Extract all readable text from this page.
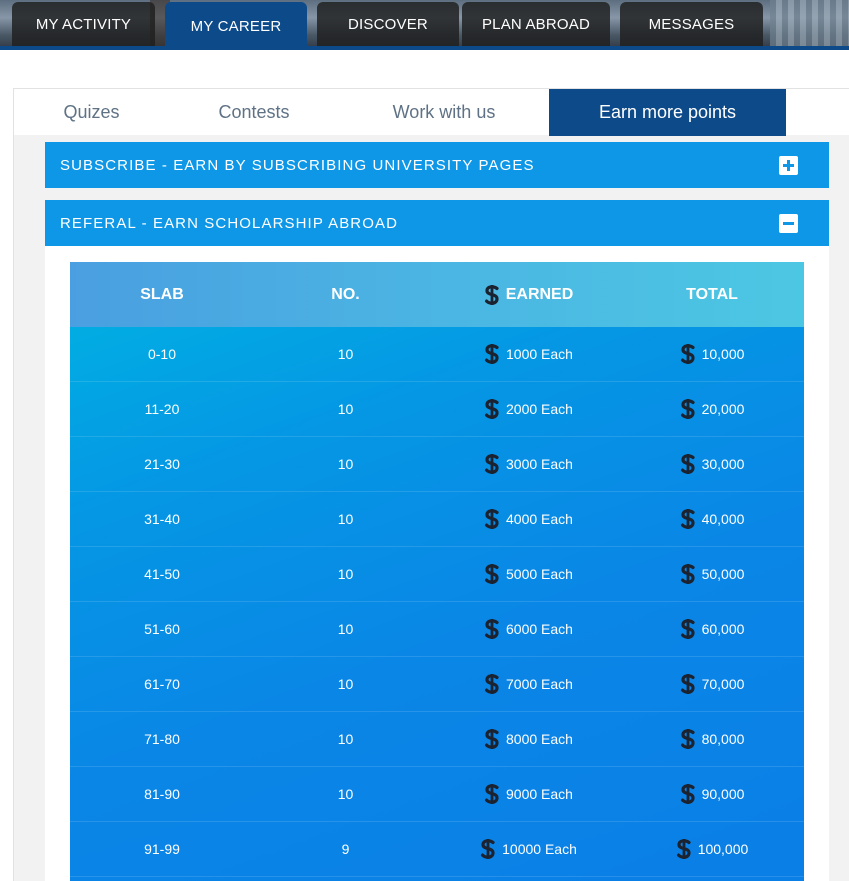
MY ACTIVITY	MY CAREER	DISCOVER	PLAN ABROAD	MESSAGES
Quizes	Contests	Work with us	Earn more points
SUBSCRIBE - EARN BY SUBSCRIBING UNIVERSITY PAGES
REFERAL - EARN SCHOLARSHIP ABROAD
SLAB	NO.	EARNED	TOTAL
0-10	10	1000 Each	10,000
11-20	10	2000 Each	20,000
21-30	10	3000 Each	30,000
31-40	10	4000 Each	40,000
41-50	10	5000 Each	50,000
51-60	10	6000 Each	60,000
61-70	10	7000 Each	70,000
71-80	10	8000 Each	80,000
81-90	10	9000 Each	90,000
91-99	9	10000 Each	100,000
